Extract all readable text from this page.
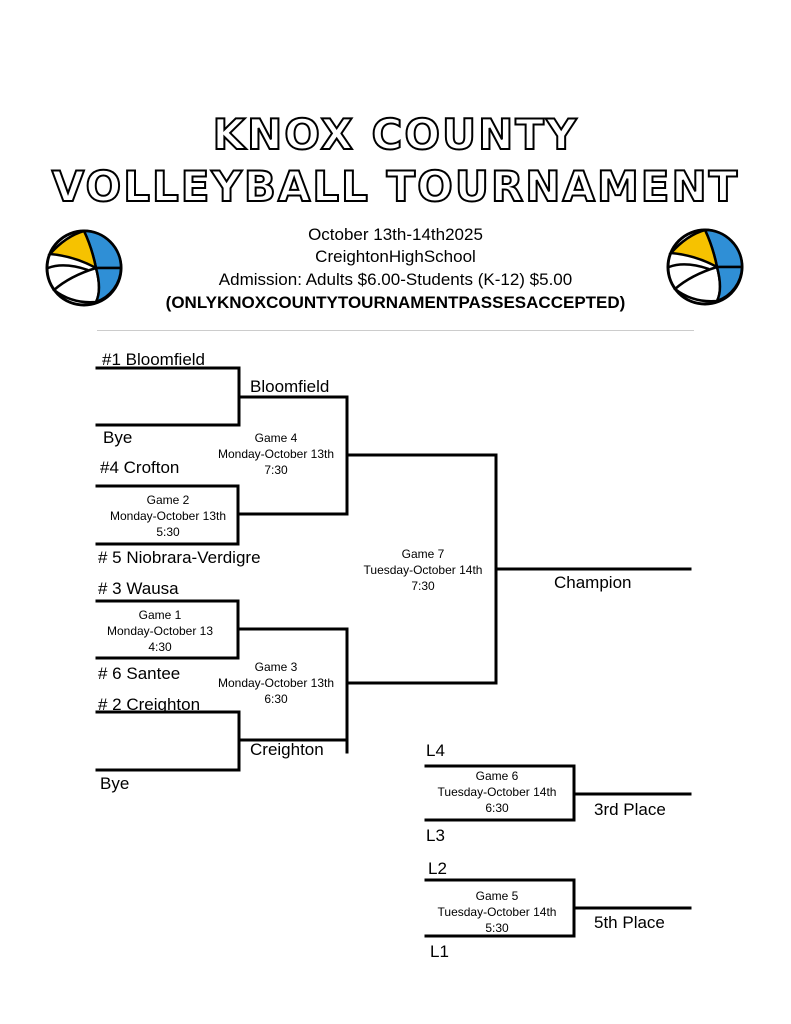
KNOX COUNTY
VOLLEYBALL TOURNAMENT
October 13th-14th2025
CreightonHighSchool
Admission: Adults $6.00-Students (K-12) $5.00
(ONLYKNOXCOUNTYTOURNAMENTPASSESACCEPTED)
#1 Bloomfield
Bloomfield
Bye
#4 Crofton
# 5 Niobrara-Verdigre
# 3 Wausa
# 6 Santee
# 2 Creighton
Creighton
Bye
Champion
L4
L3
3rd Place
L2
L1
5th Place
Game 4
Monday-October 13th
7:30
Game 2
Monday-October 13th
5:30
Game 7
Tuesday-October 14th
7:30
Game 1
Monday-October 13
4:30
Game 3
Monday-October 13th
6:30
Game 6
Tuesday-October 14th
6:30
Game 5
Tuesday-October 14th
5:30
